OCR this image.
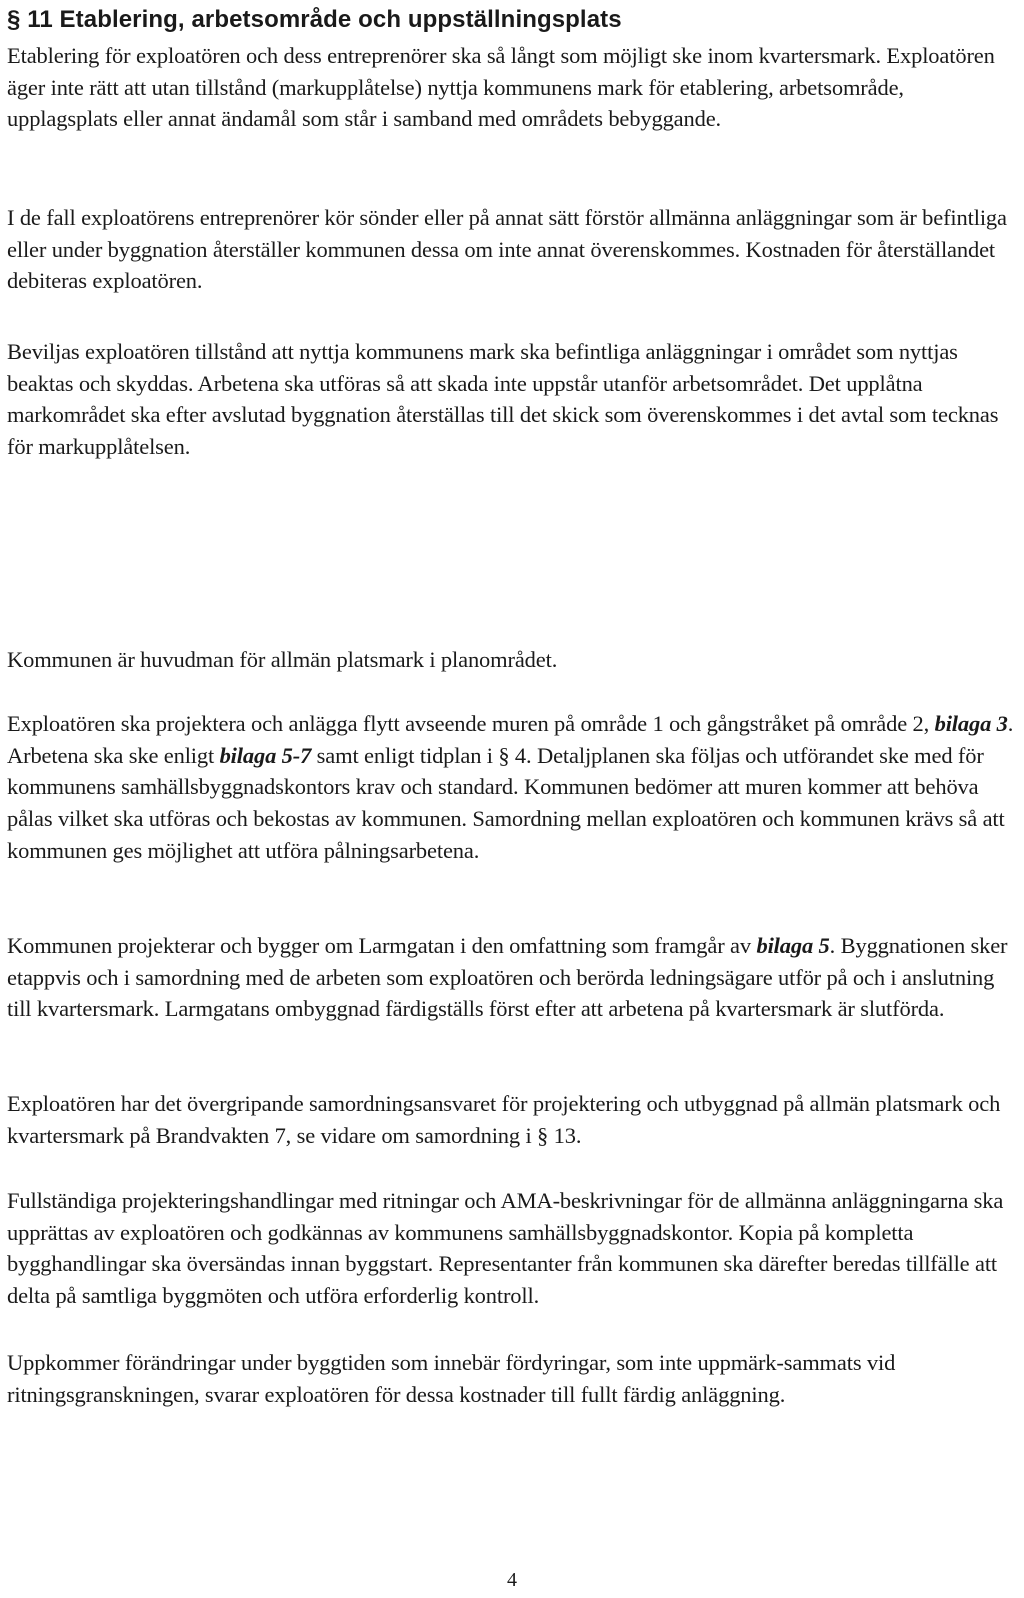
§ 11 Etablering, arbetsområde och uppställningsplats

Etablering för exploatören och dess entreprenörer ska så långt som möjligt ske inom kvartersmark. Exploatören äger inte rätt att utan tillstånd (markupplåtelse) nyttja kommunens mark för etablering, arbetsområde, upplagsplats eller annat ändamål som står i samband med områdets bebyggande.

I de fall exploatörens entreprenörer kör sönder eller på annat sätt förstör allmänna anläggningar som är befintliga eller under byggnation återställer kommunen dessa om inte annat överenskommes. Kostnaden för återställandet debiteras exploatören.

Beviljas exploatören tillstånd att nyttja kommunens mark ska befintliga anläggningar i området som nyttjas beaktas och skyddas. Arbetena ska utföras så att skada inte uppstår utanför arbetsområdet. Det upplåtna markområdet ska efter avslutad byggnation återställas till det skick som överenskommes i det avtal som tecknas för markupplåtelsen.

Kommunen är huvudman för allmän platsmark i planområdet.

Exploatören ska projektera och anlägga flytt avseende muren på område 1 och gångstråket på område 2, bilaga 3. Arbetena ska ske enligt bilaga 5-7 samt enligt tidplan i § 4. Detaljplanen ska följas och utförandet ske med för kommunens samhällsbyggnadskontors krav och standard. Kommunen bedömer att muren kommer att behöva pålas vilket ska utföras och bekostas av kommunen. Samordning mellan exploatören och kommunen krävs så att kommunen ges möjlighet att utföra pålningsarbetena.

Kommunen projekterar och bygger om Larmgatan i den omfattning som framgår av bilaga 5. Byggnationen sker etappvis och i samordning med de arbeten som exploatören och berörda ledningsägare utför på och i anslutning till kvartersmark. Larmgatans ombyggnad färdigställs först efter att arbetena på kvartersmark är slutförda.

Exploatören har det övergripande samordningsansvaret för projektering och utbyggnad på allmän platsmark och kvartersmark på Brandvakten 7, se vidare om samordning i § 13.

Fullständiga projekteringshandlingar med ritningar och AMA-beskrivningar för de allmänna anläggningarna ska upprättas av exploatören och godkännas av kommunens samhällsbyggnadskontor. Kopia på kompletta bygghandlingar ska översändas innan byggstart. Representanter från kommunen ska därefter beredas tillfälle att delta på samtliga byggmöten och utföra erforderlig kontroll.

Uppkommer förändringar under byggtiden som innebär fördyringar, som inte uppmärk-sammats vid ritningsgranskningen, svarar exploatören för dessa kostnader till fullt färdig anläggning.

4
